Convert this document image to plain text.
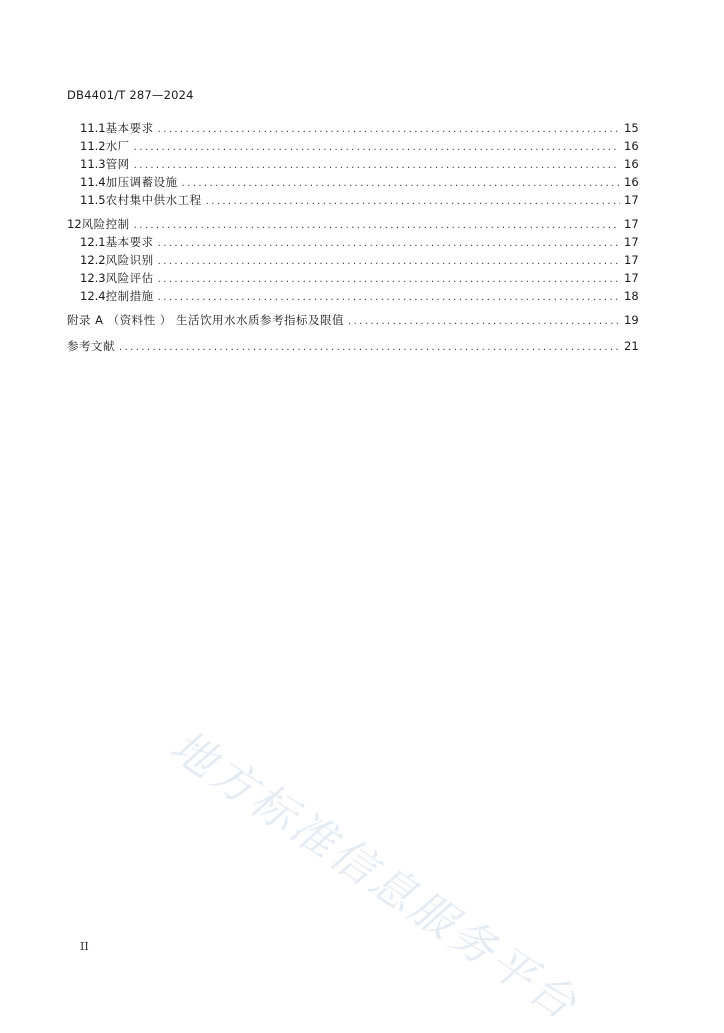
DB4401/T 287—2024
11.1 基本要求 .....	15
11.2 水厂 .....	16
11.3 管网 .....	16
11.4 加压调蓄设施 .....	16
11.5 农村集中供水工程 .....	17
12 风险控制 .....	17
12.1 基本要求 .....	17
12.2 风险识别 .....	17
12.3 风险评估 .....	17
12.4 控制措施 .....	18
附录 A （资料性 ） 生活饮用水水质参考指标及限值 .....	19
参考文献 .....	21
地方标准信息服务平台
II
